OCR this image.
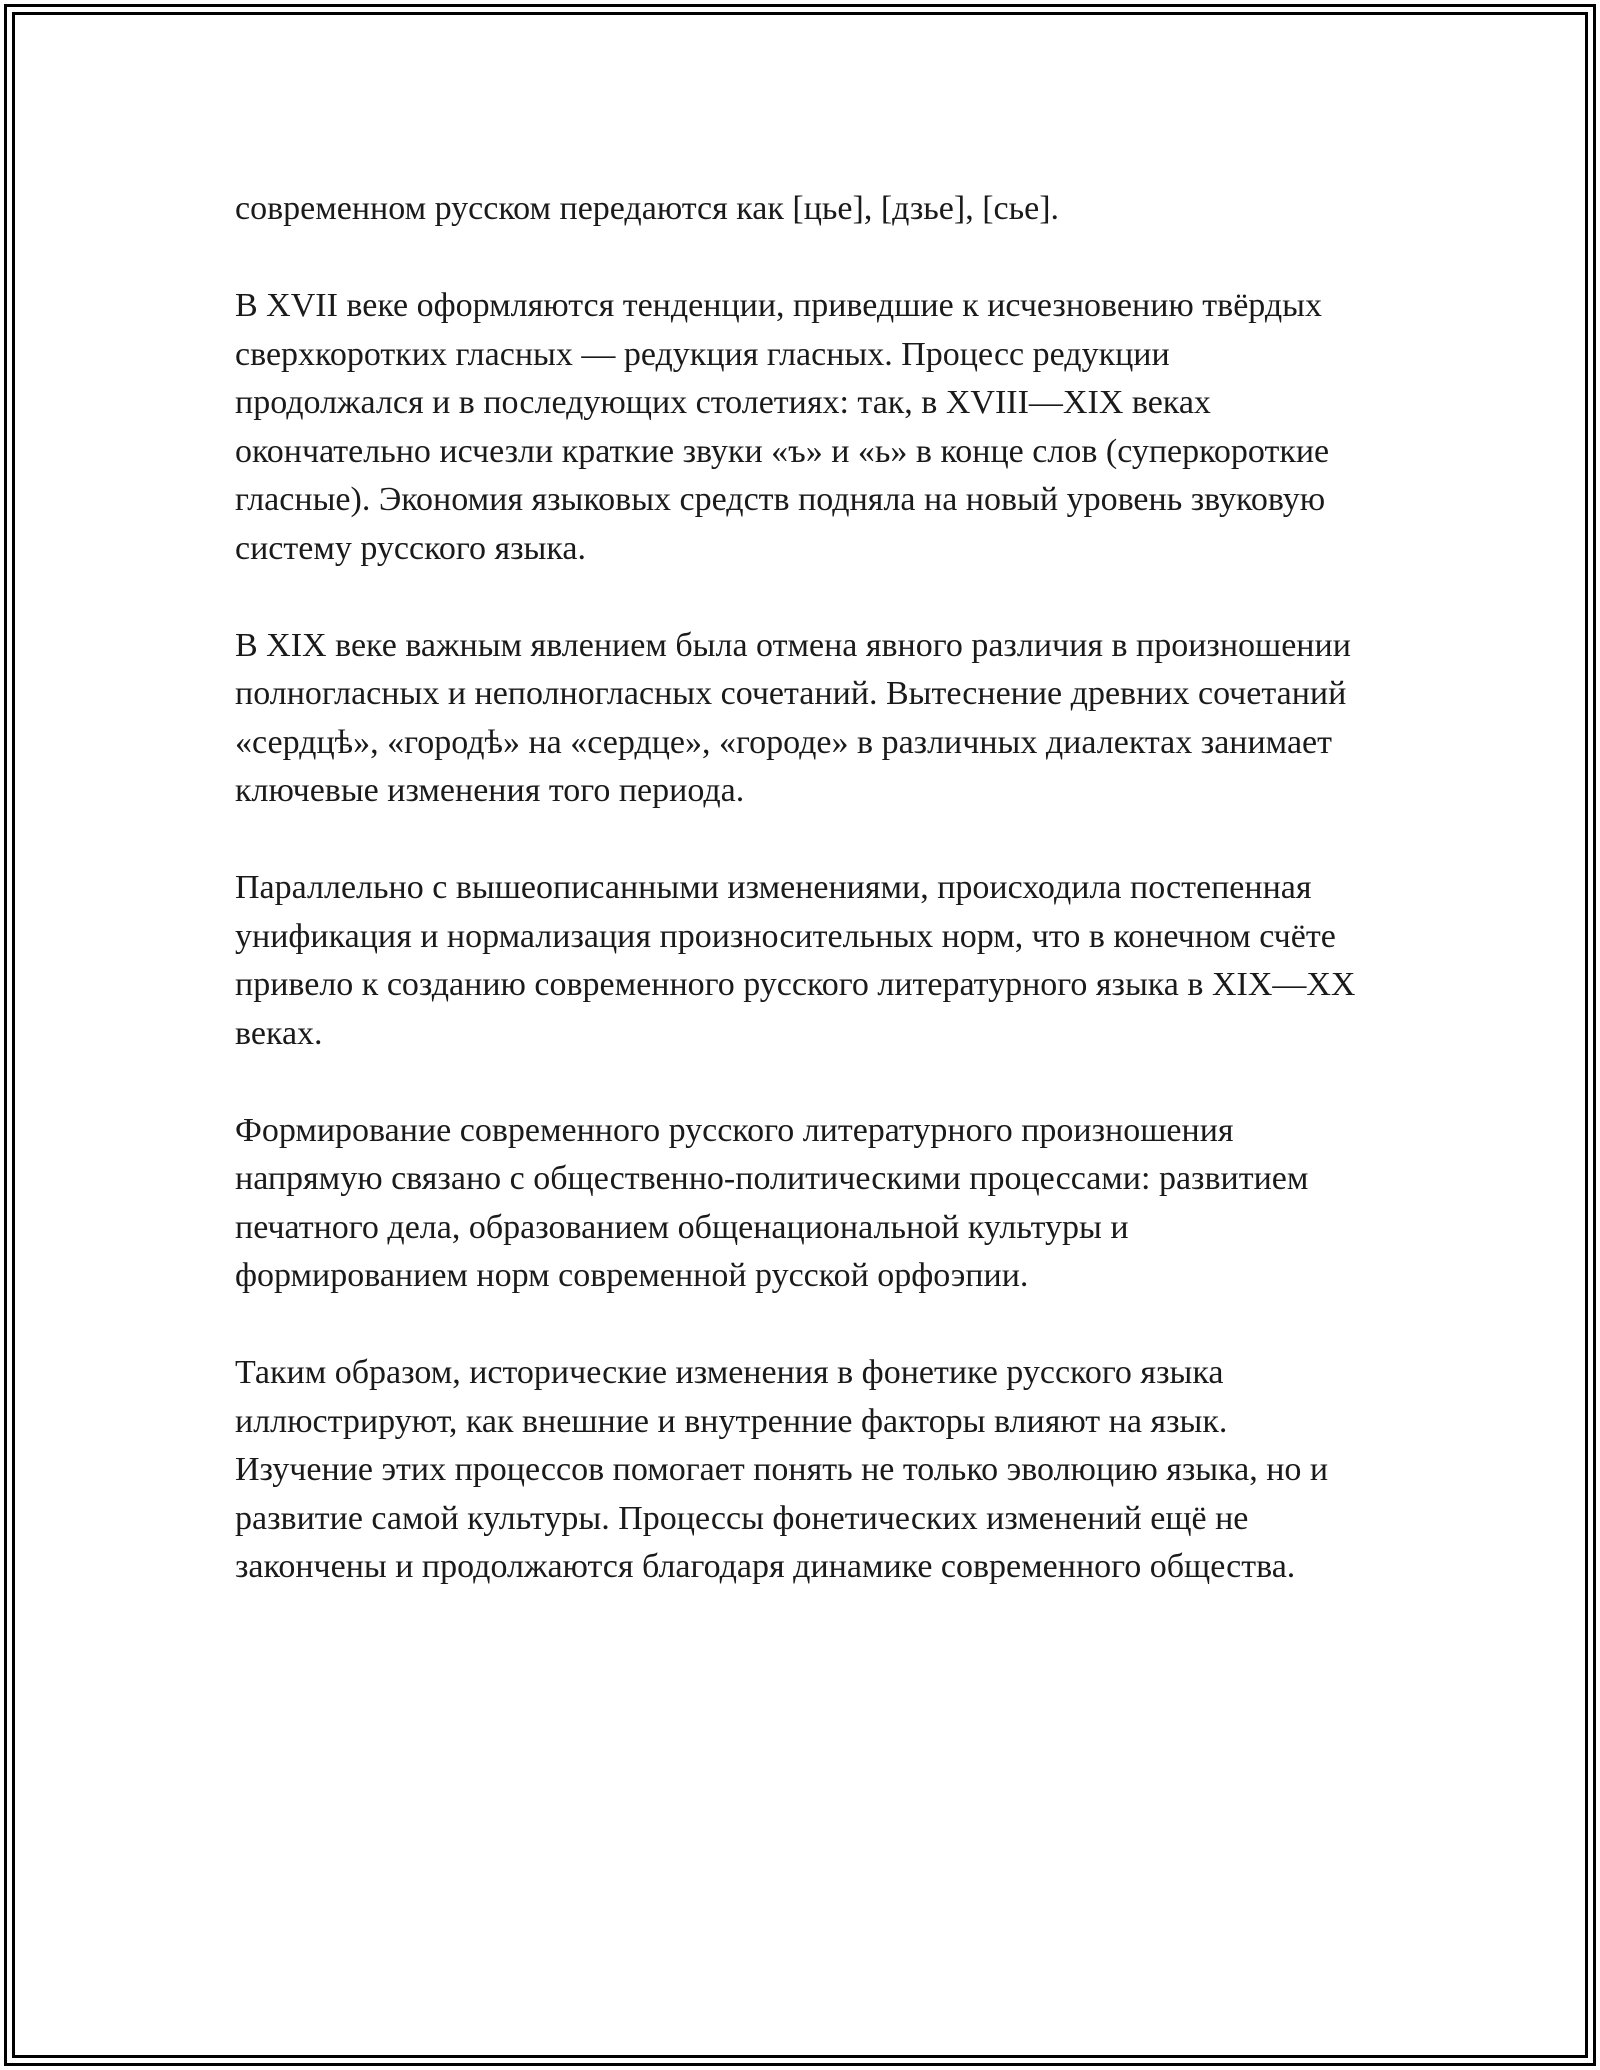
современном русском передаются как [цье], [дзье], [сье].

В XVII веке оформляются тенденции, приведшие к исчезновению твёрдых сверхкоротких гласных — редукция гласных. Процесс редукции продолжался и в последующих столетиях: так, в XVIII—XIX веках окончательно исчезли краткие звуки «ъ» и «ь» в конце слов (суперкороткие гласные). Экономия языковых средств подняла на новый уровень звуковую систему русского языка.

В XIX веке важным явлением была отмена явного различия в произношении полногласных и неполногласных сочетаний. Вытеснение древних сочетаний «сердцѣ», «городѣ» на «сердце», «городе» в различных диалектах занимает ключевые изменения того периода.

Параллельно с вышеописанными изменениями, происходила постепенная унификация и нормализация произносительных норм, что в конечном счёте привело к созданию современного русского литературного языка в XIX—XX веках.

Формирование современного русского литературного произношения напрямую связано с общественно-политическими процессами: развитием печатного дела, образованием общенациональной культуры и формированием норм современной русской орфоэпии.

Таким образом, исторические изменения в фонетике русского языка иллюстрируют, как внешние и внутренние факторы влияют на язык. Изучение этих процессов помогает понять не только эволюцию языка, но и развитие самой культуры. Процессы фонетических изменений ещё не закончены и продолжаются благодаря динамике современного общества.
